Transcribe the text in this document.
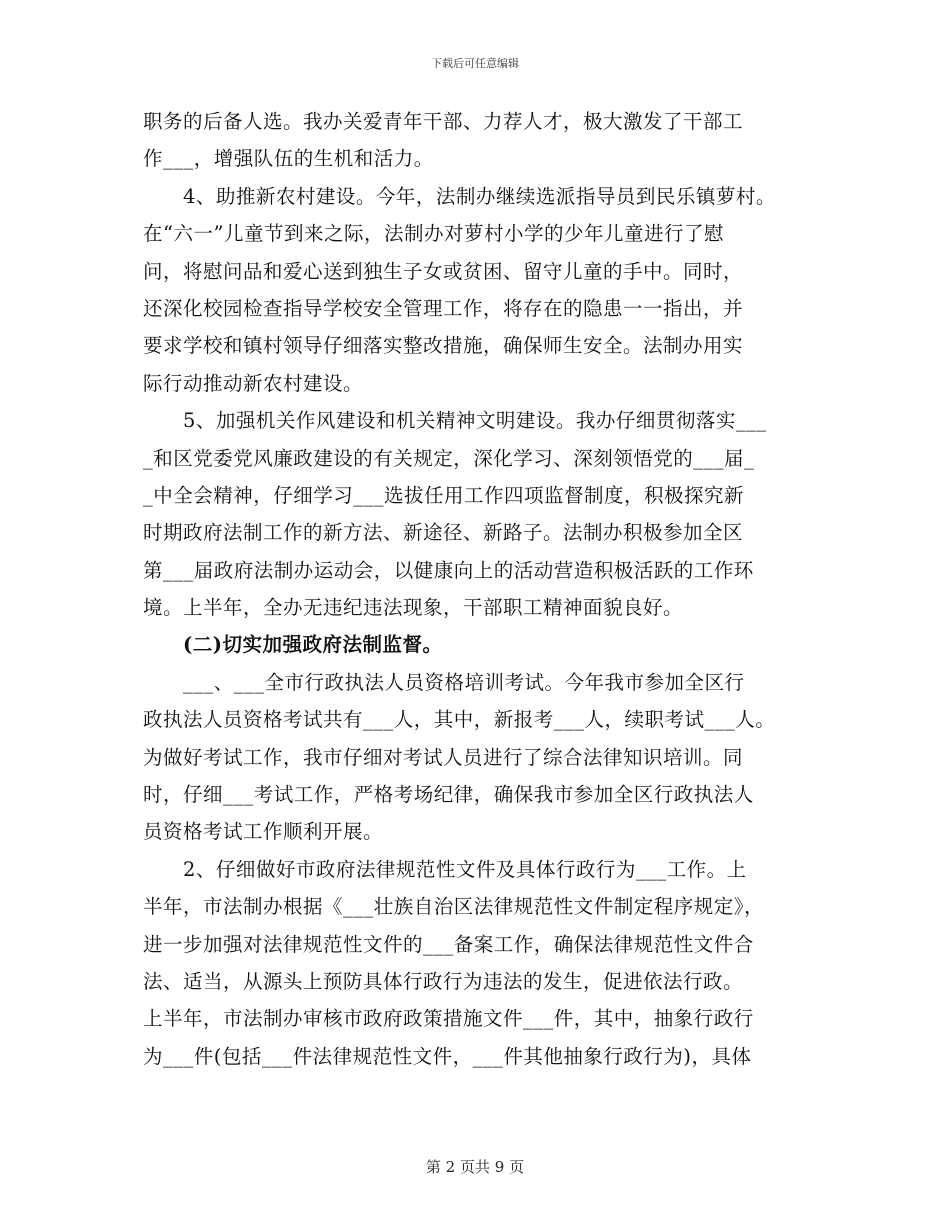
下载后可任意编辑
职务的后备人选。我办关爱青年干部、力荐人才，极大激发了干部工
作___，增强队伍的生机和活力。
4、助推新农村建设。今年，法制办继续选派指导员到民乐镇萝村。
在“六一”儿童节到来之际，法制办对萝村小学的少年儿童进行了慰
问，将慰问品和爱心送到独生子女或贫困、留守儿童的手中。同时，
还深化校园检查指导学校安全管理工作，将存在的隐患一一指出，并
要求学校和镇村领导仔细落实整改措施，确保师生安全。法制办用实
际行动推动新农村建设。
5、加强机关作风建设和机关精神文明建设。我办仔细贯彻落实___
_和区党委党风廉政建设的有关规定，深化学习、深刻领悟党的___届_
_中全会精神，仔细学习___选拔任用工作四项监督制度，积极探究新
时期政府法制工作的新方法、新途径、新路子。法制办积极参加全区
第___届政府法制办运动会，以健康向上的活动营造积极活跃的工作环
境。上半年，全办无违纪违法现象，干部职工精神面貌良好。
(二)切实加强政府法制监督。
___、___全市行政执法人员资格培训考试。今年我市参加全区行
政执法人员资格考试共有___人，其中，新报考___人，续职考试___人。
为做好考试工作，我市仔细对考试人员进行了综合法律知识培训。同
时，仔细___考试工作，严格考场纪律，确保我市参加全区行政执法人
员资格考试工作顺利开展。
2、仔细做好市政府法律规范性文件及具体行政行为___工作。上
半年，市法制办根据《___壮族自治区法律规范性文件制定程序规定》，
进一步加强对法律规范性文件的___备案工作，确保法律规范性文件合
法、适当，从源头上预防具体行政行为违法的发生，促进依法行政。
上半年，市法制办审核市政府政策措施文件___件，其中，抽象行政行
为___件(包括___件法律规范性文件，___件其他抽象行政行为)，具体
第 2 页共 9 页
